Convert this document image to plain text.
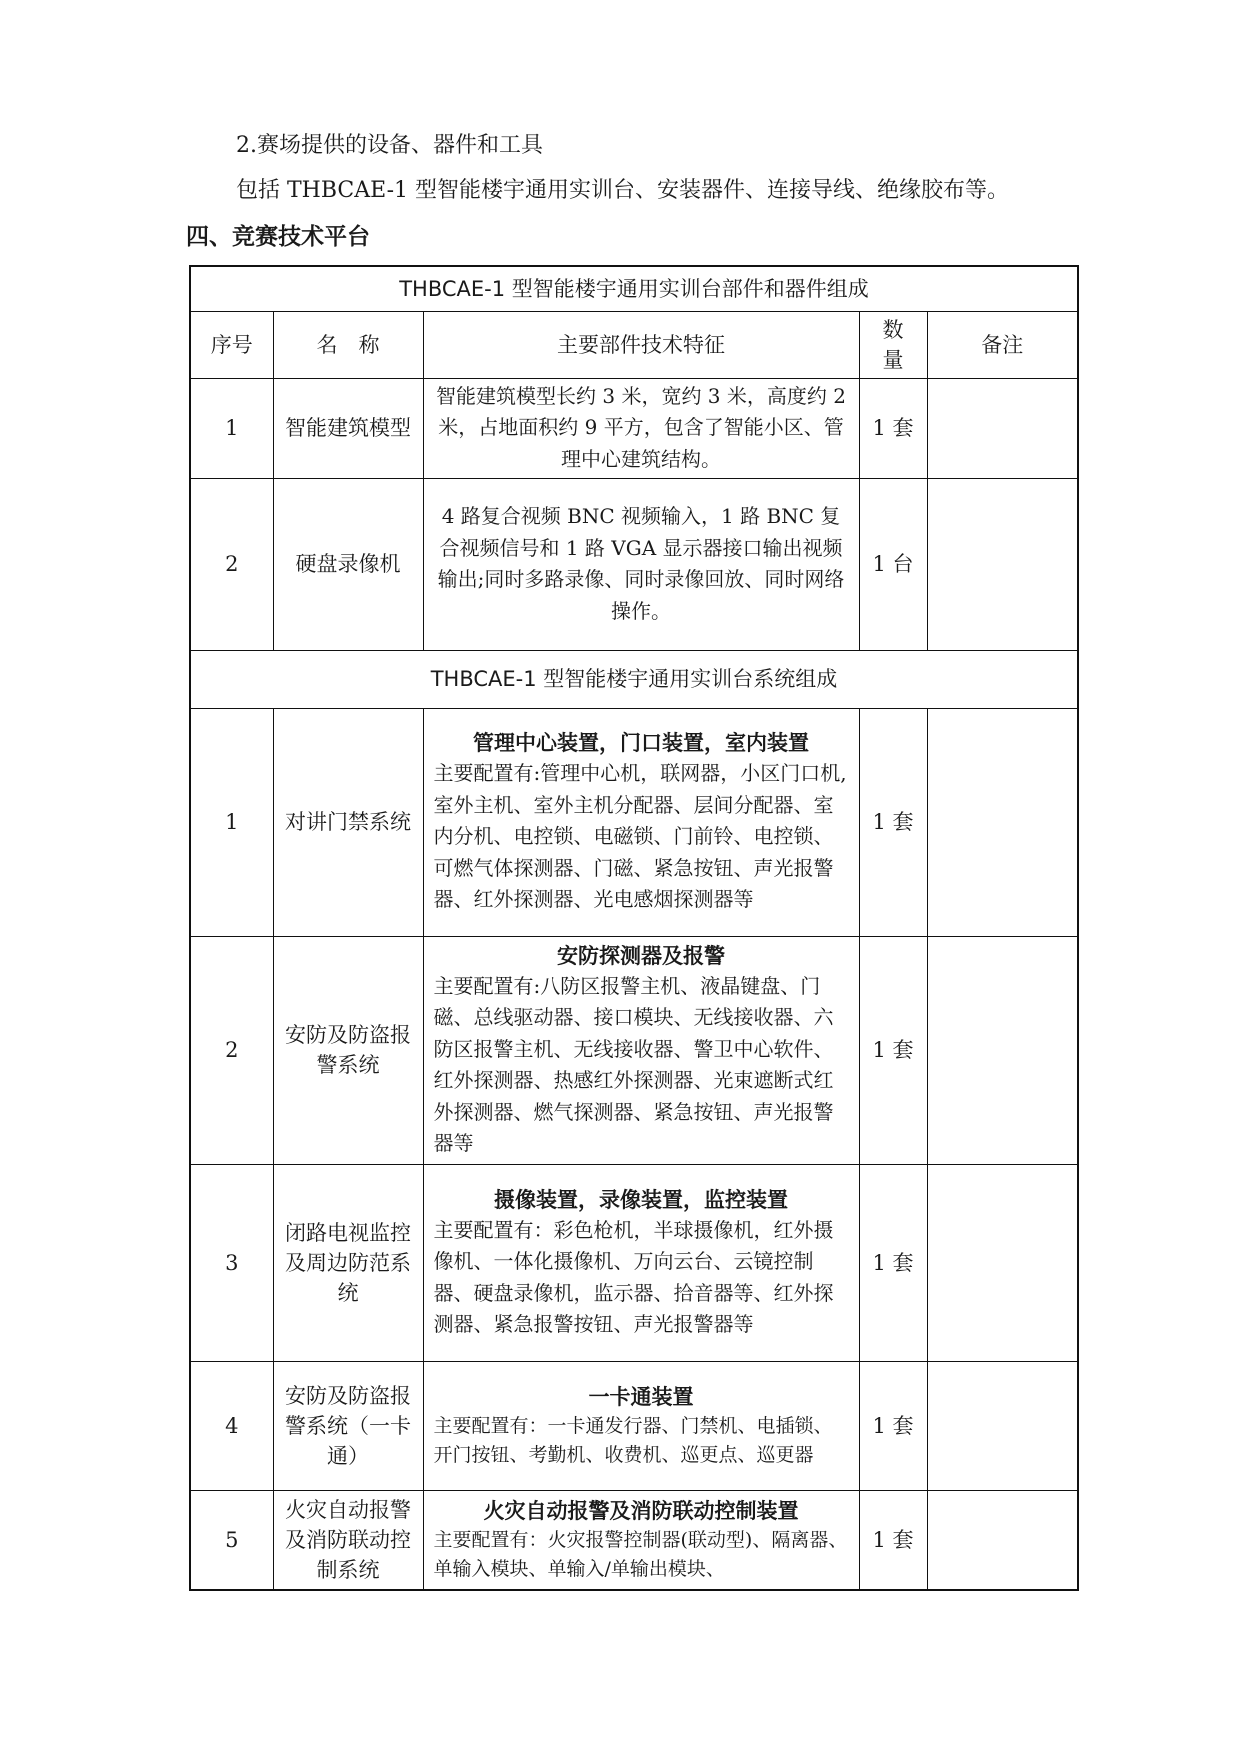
2.赛场提供的设备、器件和工具

包括 THBCAE-1 型智能楼宇通用实训台、安装器件、连接导线、绝缘胶布等。

四、竞赛技术平台

THBCAE-1 型智能楼宇通用实训台部件和器件组成				
序号	名　称	主要部件技术特征	数量	备注
1	智能建筑模型	智能建筑模型长约 3 米，宽约 3 米，高度约 2 米，占地面积约 9 平方，包含了智能小区、管理中心建筑结构。	1 套	
2	硬盘录像机	4 路复合视频 BNC 视频输入，1 路 BNC 复合视频信号和 1 路 VGA 显示器接口输出视频输出;同时多路录像、同时录像回放、同时网络操作。	1 台	
THBCAE-1 型智能楼宇通用实训台系统组成				
1	对讲门禁系统	管理中心装置，门口装置，室内装置
主要配置有:管理中心机，联网器，小区门口机,室外主机、室外主机分配器、层间分配器、室内分机、电控锁、电磁锁、门前铃、电控锁、可燃气体探测器、门磁、紧急按钮、声光报警器、红外探测器、光电感烟探测器等	1 套	
2	安防及防盗报警系统	安防探测器及报警
主要配置有:八防区报警主机、液晶键盘、门磁、总线驱动器、接口模块、无线接收器、六防区报警主机、无线接收器、警卫中心软件、红外探测器、热感红外探测器、光束遮断式红外探测器、燃气探测器、紧急按钮、声光报警器等	1 套	
3	闭路电视监控及周边防范系统	摄像装置，录像装置，监控装置
主要配置有：彩色枪机，半球摄像机，红外摄像机、一体化摄像机、万向云台、云镜控制器、硬盘录像机，监示器、拾音器等、红外探测器、紧急报警按钮、声光报警器等	1 套	
4	安防及防盗报警系统（一卡通）	一卡通装置
主要配置有：一卡通发行器、门禁机、电插锁、开门按钮、考勤机、收费机、巡更点、巡更器	1 套	
5	火灾自动报警及消防联动控制系统	火灾自动报警及消防联动控制装置
主要配置有：火灾报警控制器(联动型)、隔离器、单输入模块、单输入/单输出模块、	1 套	
